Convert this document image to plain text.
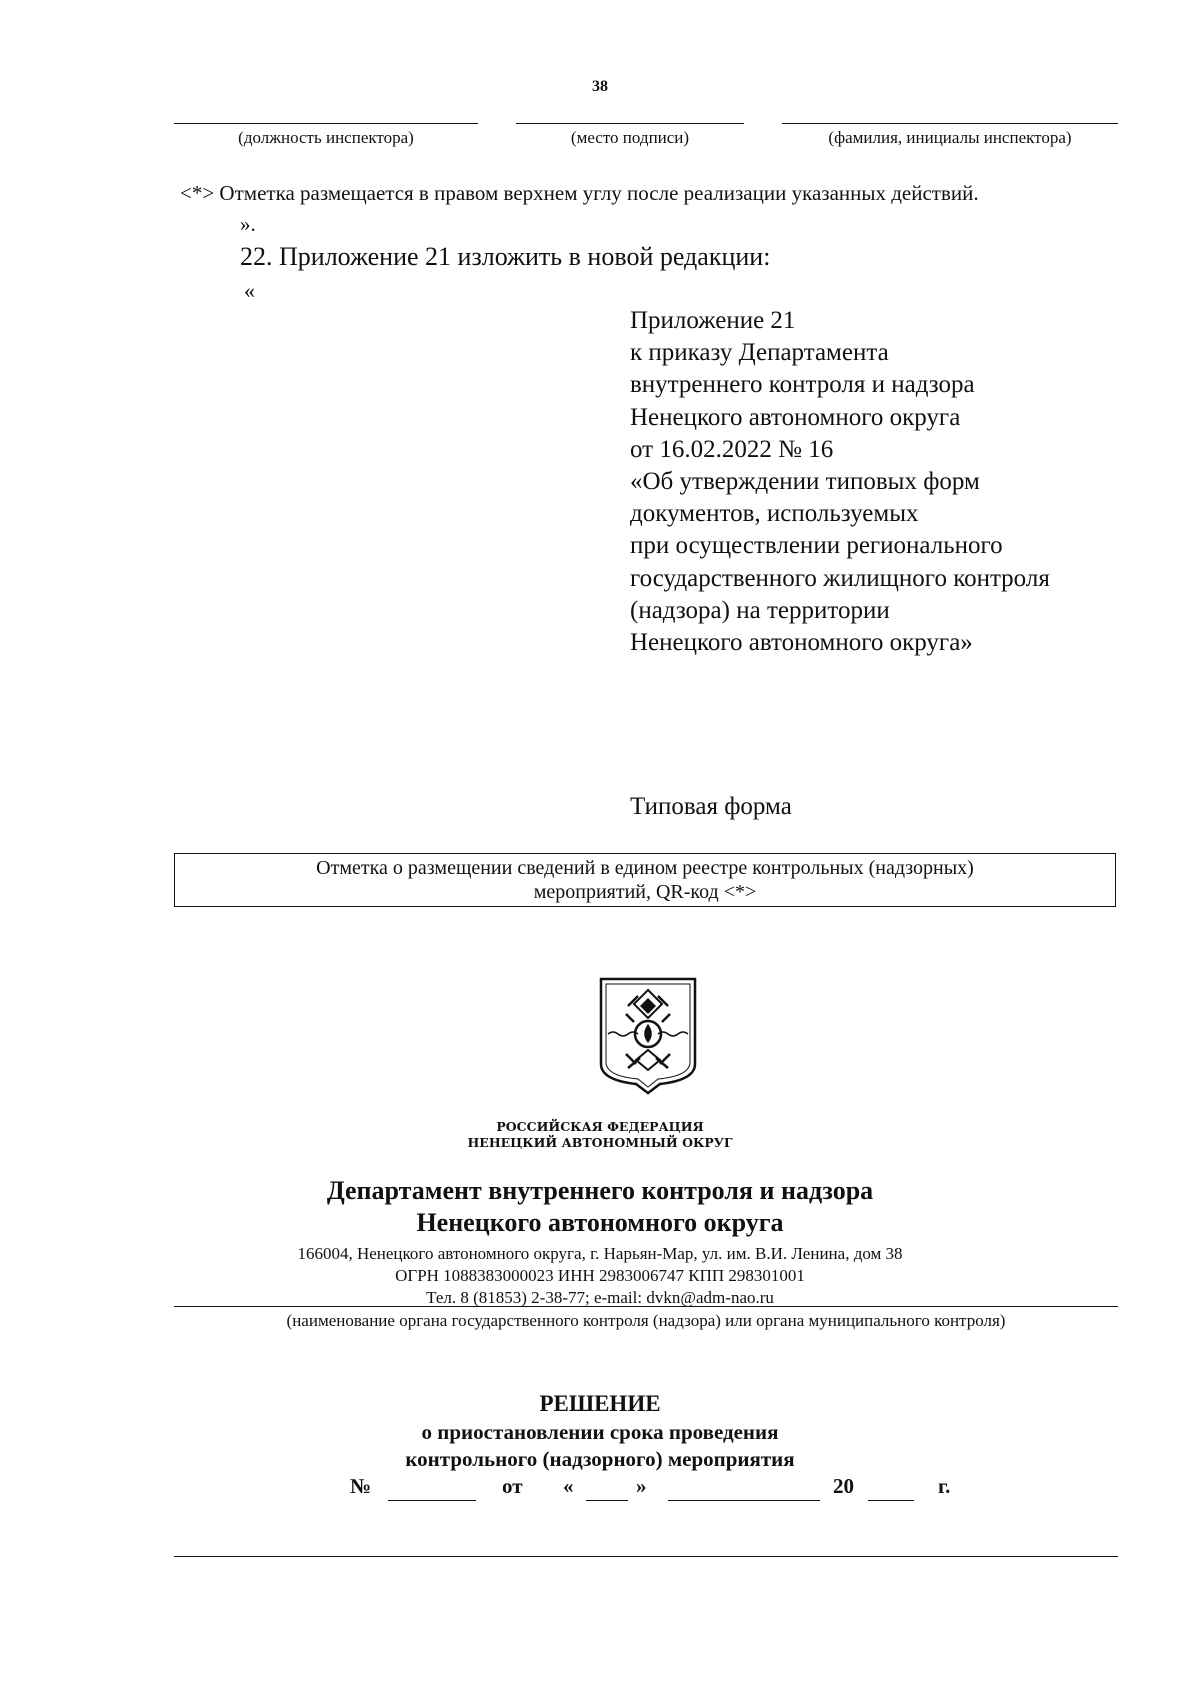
38
(должность инспектора)	(место подписи)	(фамилия, инициалы инспектора)
<*> Отметка размещается в правом верхнем углу после реализации указанных действий.
».
22. Приложение 21 изложить в новой редакции:
«
Приложение 21
к приказу Департамента
внутреннего контроля и надзора
Ненецкого автономного округа
от 16.02.2022 № 16
«Об утверждении типовых форм
документов, используемых
при осуществлении регионального
государственного жилищного контроля
(надзора) на территории
Ненецкого автономного округа»
Типовая форма
Отметка о размещении сведений в едином реестре контрольных (надзорных)
мероприятий, QR-код <*>
РОССИЙСКАЯ ФЕДЕРАЦИЯ
НЕНЕЦКИЙ АВТОНОМНЫЙ ОКРУГ
Департамент внутреннего контроля и надзора
Ненецкого автономного округа
166004, Ненецкого автономного округа, г. Нарьян-Мар, ул. им. В.И. Ленина, дом 38
ОГРН 1088383000023 ИНН 2983006747 КПП 298301001
Тел. 8 (81853) 2-38-77; e-mail: dvkn@adm-nao.ru
(наименование органа государственного контроля (надзора) или органа муниципального контроля)
РЕШЕНИЕ
о приостановлении срока проведения
контрольного (надзорного) мероприятия
№	от «	»	20	г.
